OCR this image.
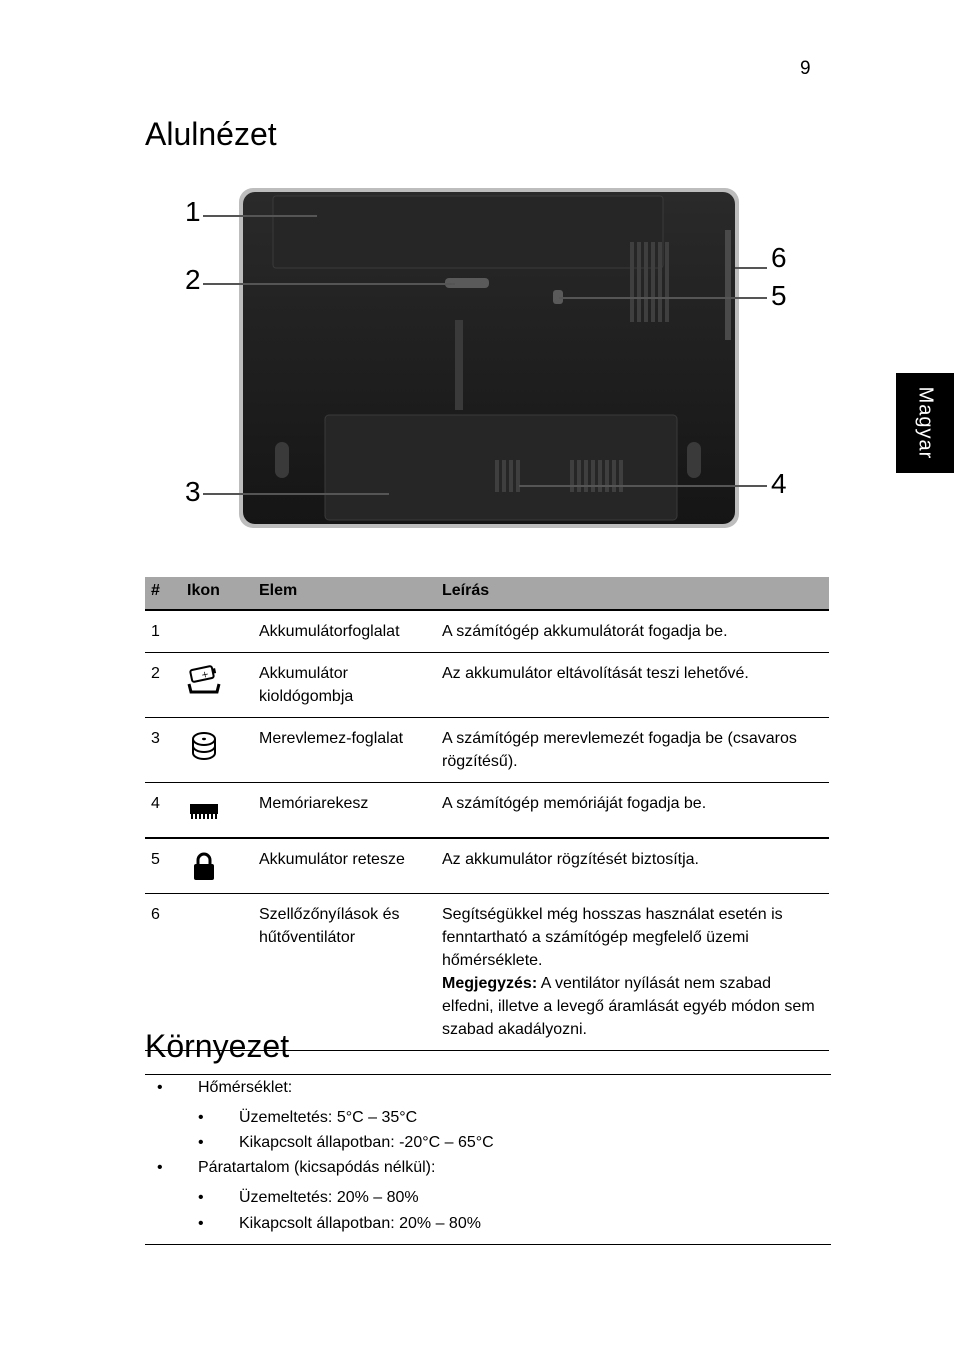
9
Magyar
Alulnézet
1
2
3	4
5
6
#	Ikon	Elem	Leírás
1		Akkumulátorfoglalat	A számítógép akkumulátorát fogadja be.
2	+	Akkumulátor kioldógombja	Az akkumulátor eltávolítását teszi lehetővé.
3		Merevlemez-foglalat	A számítógép merevlemezét fogadja be (csavaros rögzítésű).
4		Memóriarekesz	A számítógép memóriáját fogadja be.
5		Akkumulátor retesze	Az akkumulátor rögzítését biztosítja.
6		Szellőzőnyílások és hűtőventilátor	Segítségükkel még hosszas használat esetén is fenntartható a számítógép megfelelő üzemi hőmérséklete.
Megjegyzés: A ventilátor nyílását nem szabad elfedni, illetve a levegő áramlását egyéb módon sem szabad akadályozni.
Környezet
• Hőmérséklet:
• Üzemeltetés: 5°C – 35°C
• Kikapcsolt állapotban: -20°C – 65°C
• Páratartalom (kicsapódás nélkül):
• Üzemeltetés: 20% – 80%
• Kikapcsolt állapotban: 20% – 80%
